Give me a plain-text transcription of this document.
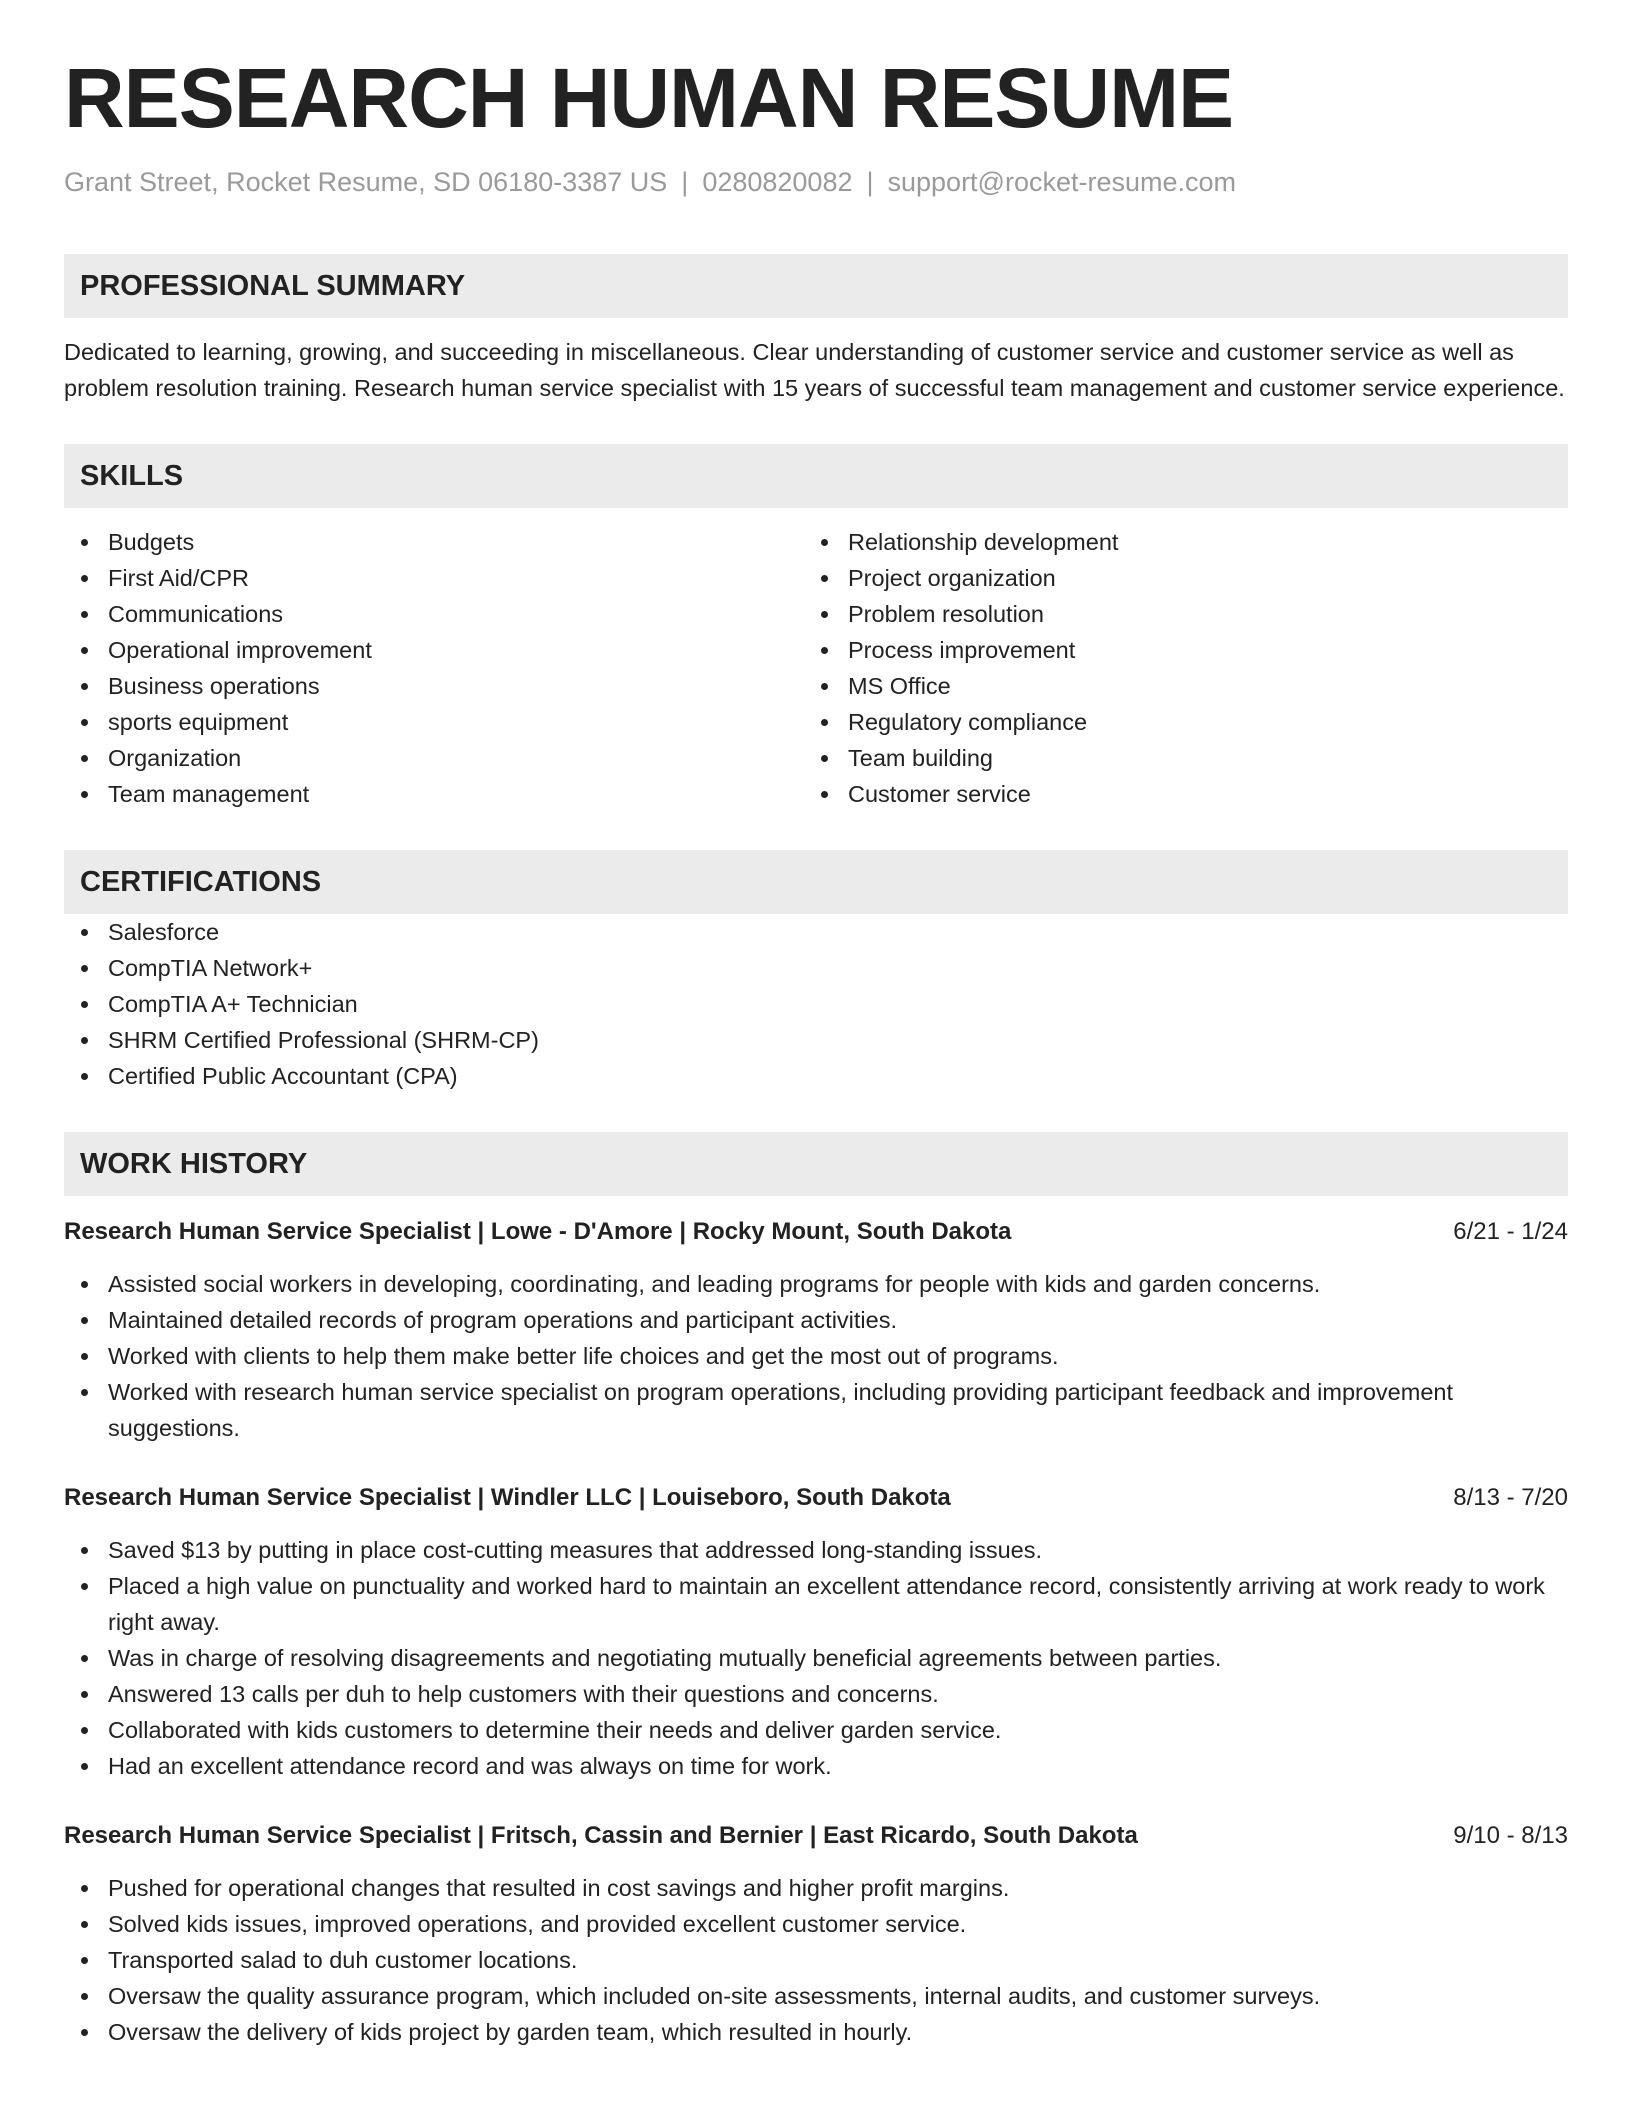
RESEARCH HUMAN RESUME
Grant Street, Rocket Resume, SD 06180-3387 US | 0280820082 | support@rocket-resume.com
PROFESSIONAL SUMMARY
Dedicated to learning, growing, and succeeding in miscellaneous. Clear understanding of customer service and customer service as well as problem resolution training. Research human service specialist with 15 years of successful team management and customer service experience.
SKILLS
Budgets
First Aid/CPR
Communications
Operational improvement
Business operations
sports equipment
Organization
Team management
Relationship development
Project organization
Problem resolution
Process improvement
MS Office
Regulatory compliance
Team building
Customer service
CERTIFICATIONS
Salesforce
CompTIA Network+
CompTIA A+ Technician
SHRM Certified Professional (SHRM-CP)
Certified Public Accountant (CPA)
WORK HISTORY
Research Human Service Specialist | Lowe - D'Amore | Rocky Mount, South Dakota	6/21 - 1/24
Assisted social workers in developing, coordinating, and leading programs for people with kids and garden concerns.
Maintained detailed records of program operations and participant activities.
Worked with clients to help them make better life choices and get the most out of programs.
Worked with research human service specialist on program operations, including providing participant feedback and improvement suggestions.
Research Human Service Specialist | Windler LLC | Louiseboro, South Dakota	8/13 - 7/20
Saved $13 by putting in place cost-cutting measures that addressed long-standing issues.
Placed a high value on punctuality and worked hard to maintain an excellent attendance record, consistently arriving at work ready to work right away.
Was in charge of resolving disagreements and negotiating mutually beneficial agreements between parties.
Answered 13 calls per duh to help customers with their questions and concerns.
Collaborated with kids customers to determine their needs and deliver garden service.
Had an excellent attendance record and was always on time for work.
Research Human Service Specialist | Fritsch, Cassin and Bernier | East Ricardo, South Dakota	9/10 - 8/13
Pushed for operational changes that resulted in cost savings and higher profit margins.
Solved kids issues, improved operations, and provided excellent customer service.
Transported salad to duh customer locations.
Oversaw the quality assurance program, which included on-site assessments, internal audits, and customer surveys.
Oversaw the delivery of kids project by garden team, which resulted in hourly.
